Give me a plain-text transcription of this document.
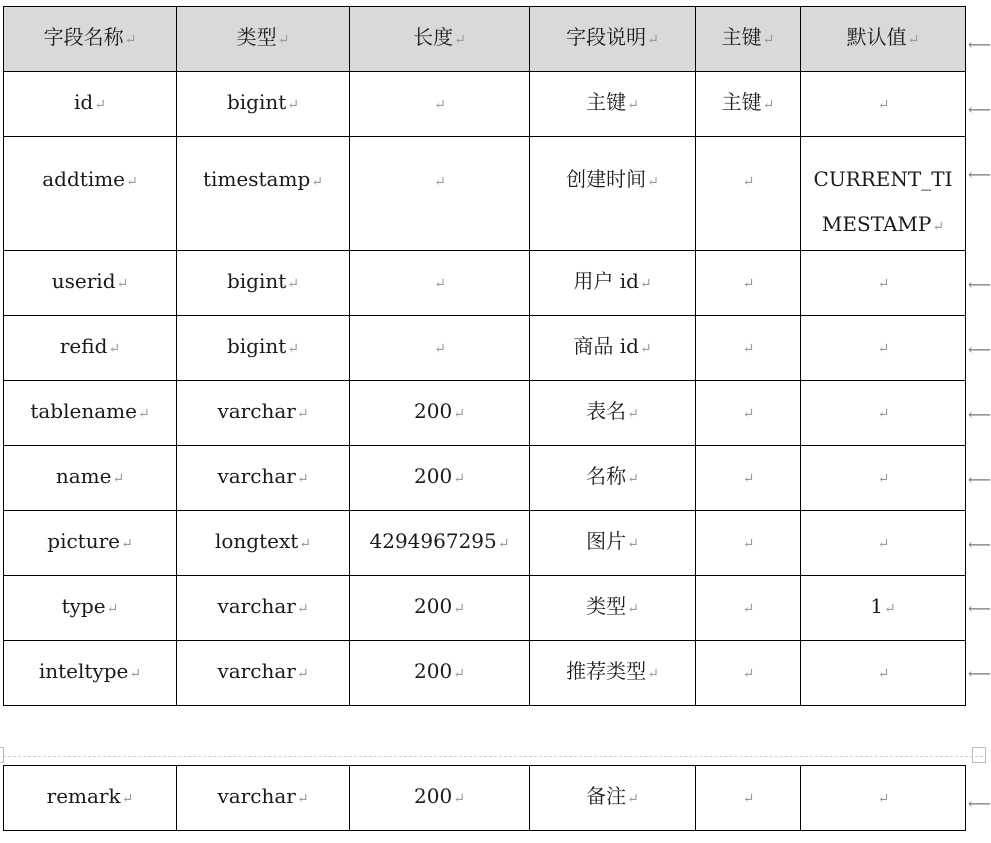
字段名称↵	类型↵	长度↵	字段说明↵	主键↵	默认值↵
id↵	bigint↵	↵	主键↵	主键↵	↵
addtime↵	timestamp↵	↵	创建时间↵	↵	CURRENT_TIMESTAMP↵
userid↵	bigint↵	↵	用户 id↵	↵	↵
refid↵	bigint↵	↵	商品 id↵	↵	↵
tablename↵	varchar↵	200↵	表名↵	↵	↵
name↵	varchar↵	200↵	名称↵	↵	↵
picture↵	longtext↵	4294967295↵	图片↵	↵	↵
type↵	varchar↵	200↵	类型↵	↵	1↵
inteltype↵	varchar↵	200↵	推荐类型↵	↵	↵
remark↵	varchar↵	200↵	备注↵	↵	↵
⟵
⟵
⟵
⟵
⟵
⟵
⟵
⟵
⟵
⟵
⟵
